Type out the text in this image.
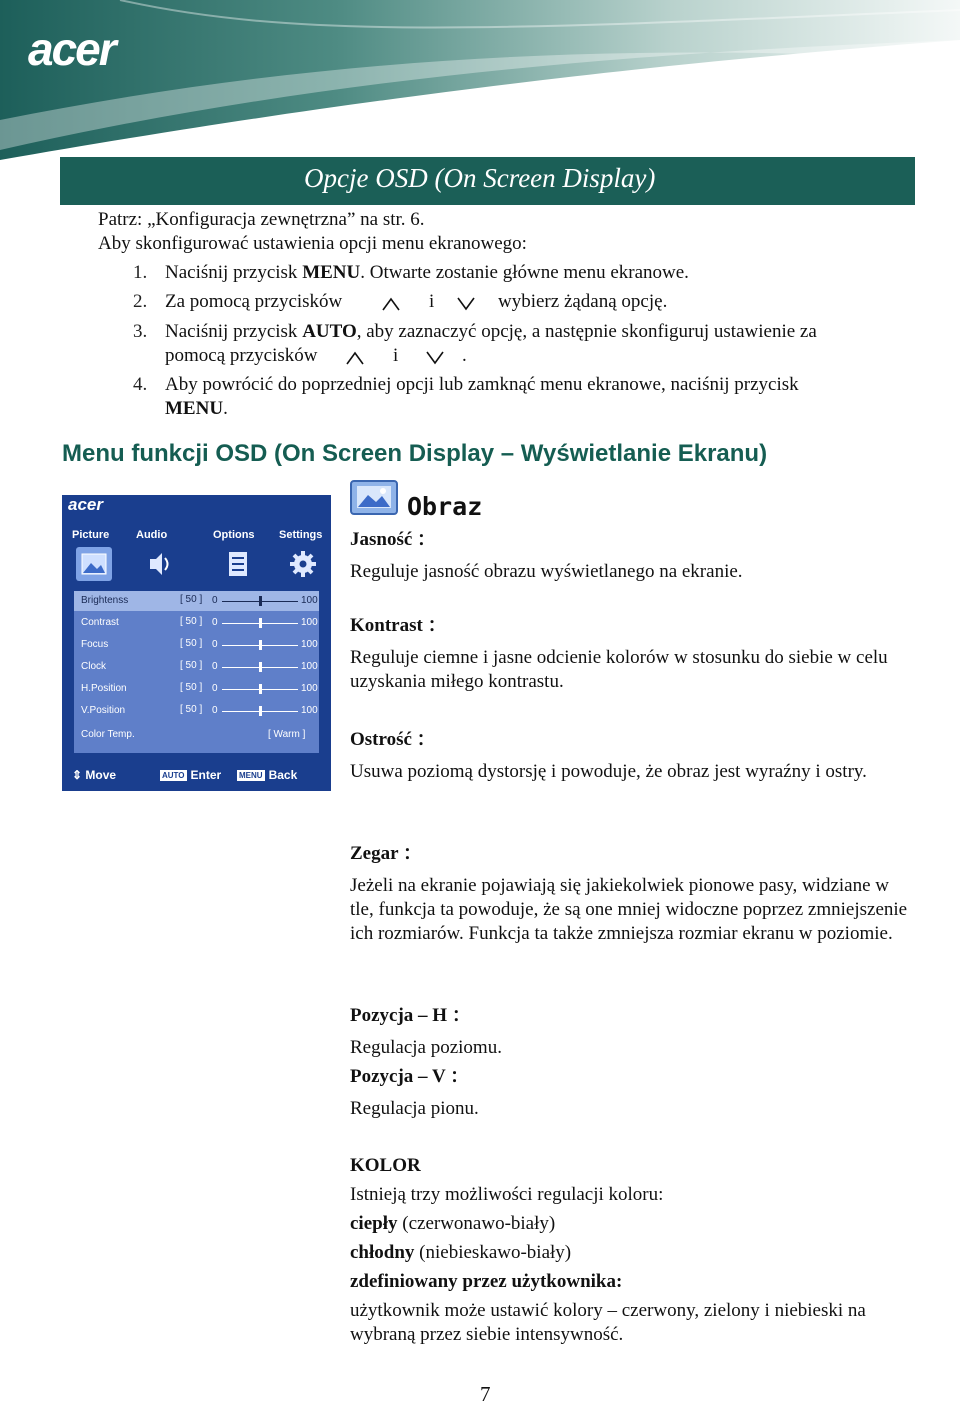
acer
Opcje OSD (On Screen Display)
Patrz: „Konfiguracja zewnętrzna” na str. 6.
Aby skonfigurować ustawienia opcji menu ekranowego:
1. Naciśnij przycisk MENU. Otwarte zostanie główne menu ekranowe.
2. Za pomocą przycisków	i	wybierz żądaną opcję.
3. Naciśnij przycisk AUTO, aby zaznaczyć opcję, a następnie skonfiguruj ustawienie za
pomocą przycisków	i	.
4. Aby powrócić do poprzedniej opcji lub zamknąć menu ekranowe, naciśnij przycisk
MENU.
Menu funkcji OSD (On Screen Display – Wyświetlanie Ekranu)
acer
Picture Audio	Options Settings
Brightenss	[ 50 ] 0	100
Contrast	[ 50 ] 0	100
Focus	[ 50 ] 0	100
Clock	[ 50 ] 0	100
H.Position	[ 50 ] 0	100
V.Position	[ 50 ] 0	100
Color Temp.	[ Warm ]
⇕ Move	AUTO Enter MENU Back
Obraz
Jasność ：
Reguluje jasność obrazu wyświetlanego na ekranie.
Kontrast ：
Reguluje ciemne i jasne odcienie kolorów w stosunku do siebie w celu uzyskania miłego kontrastu.
Ostrość ：
Usuwa poziomą dystorsję i powoduje, że obraz jest wyraźny i ostry.
Zegar ：
Jeżeli na ekranie pojawiają się jakiekolwiek pionowe pasy, widziane w tle, funkcja ta powoduje, że są one mniej widoczne poprzez zmniejszenie ich rozmiarów. Funkcja ta także zmniejsza rozmiar ekranu w poziomie.
Pozycja – H ：
Regulacja poziomu.
Pozycja – V ：
Regulacja pionu.
KOLOR
Istnieją trzy możliwości regulacji koloru:
ciepły (czerwonawo-biały)
chłodny (niebieskawo-biały)
zdefiniowany przez użytkownika:
użytkownik może ustawić kolory – czerwony, zielony i niebieski na wybraną przez siebie intensywność.
7
